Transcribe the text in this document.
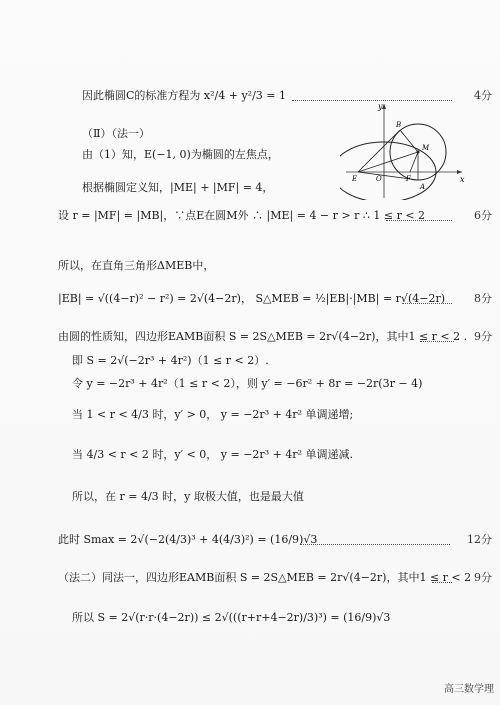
因此椭圆C的标准方程为 x²/4 + y²/3 = 1	4分
（Ⅱ）（法一）
由（1）知，E(−1, 0)为椭圆的左焦点，
根据椭圆定义知，|ME| + |MF| = 4，
设 r = |MF| = |MB|，∵点E在圆M外 ∴ |ME| = 4 − r > r ∴ 1 ≤ r < 2	6分
所以，在直角三角形ΔMEB中，
|EB| = √((4−r)² − r²) = 2√(4−2r)， S△MEB = ½|EB|·|MB| = r√(4−2r)	8分
由圆的性质知，四边形EAMB面积 S = 2S△MEB = 2r√(4−2r)，其中1 ≤ r < 2 . 9分
即 S = 2√(−2r³ + 4r²)（1 ≤ r < 2）.
令 y = −2r³ + 4r²（1 ≤ r < 2），则 y′ = −6r² + 8r = −2r(3r − 4)
当 1 < r < 4/3 时，y′ > 0， y = −2r³ + 4r² 单调递增;
当 4/3 < r < 2 时，y′ < 0， y = −2r³ + 4r² 单调递减.
所以，在 r = 4/3 时，y 取极大值，也是最大值
此时 Smax = 2√(−2(4/3)³ + 4(4/3)²) = (16/9)√3	12分
（法二）同法一，四边形EAMB面积 S = 2S△MEB = 2r√(4−2r)，其中1 ≤ r < 2 9分
所以 S = 2√(r·r·(4−2r)) ≤ 2√(((r+r+4−2r)/3)³) = (16/9)√3
y
x
O
E	F
M
B
A
高三数学理
